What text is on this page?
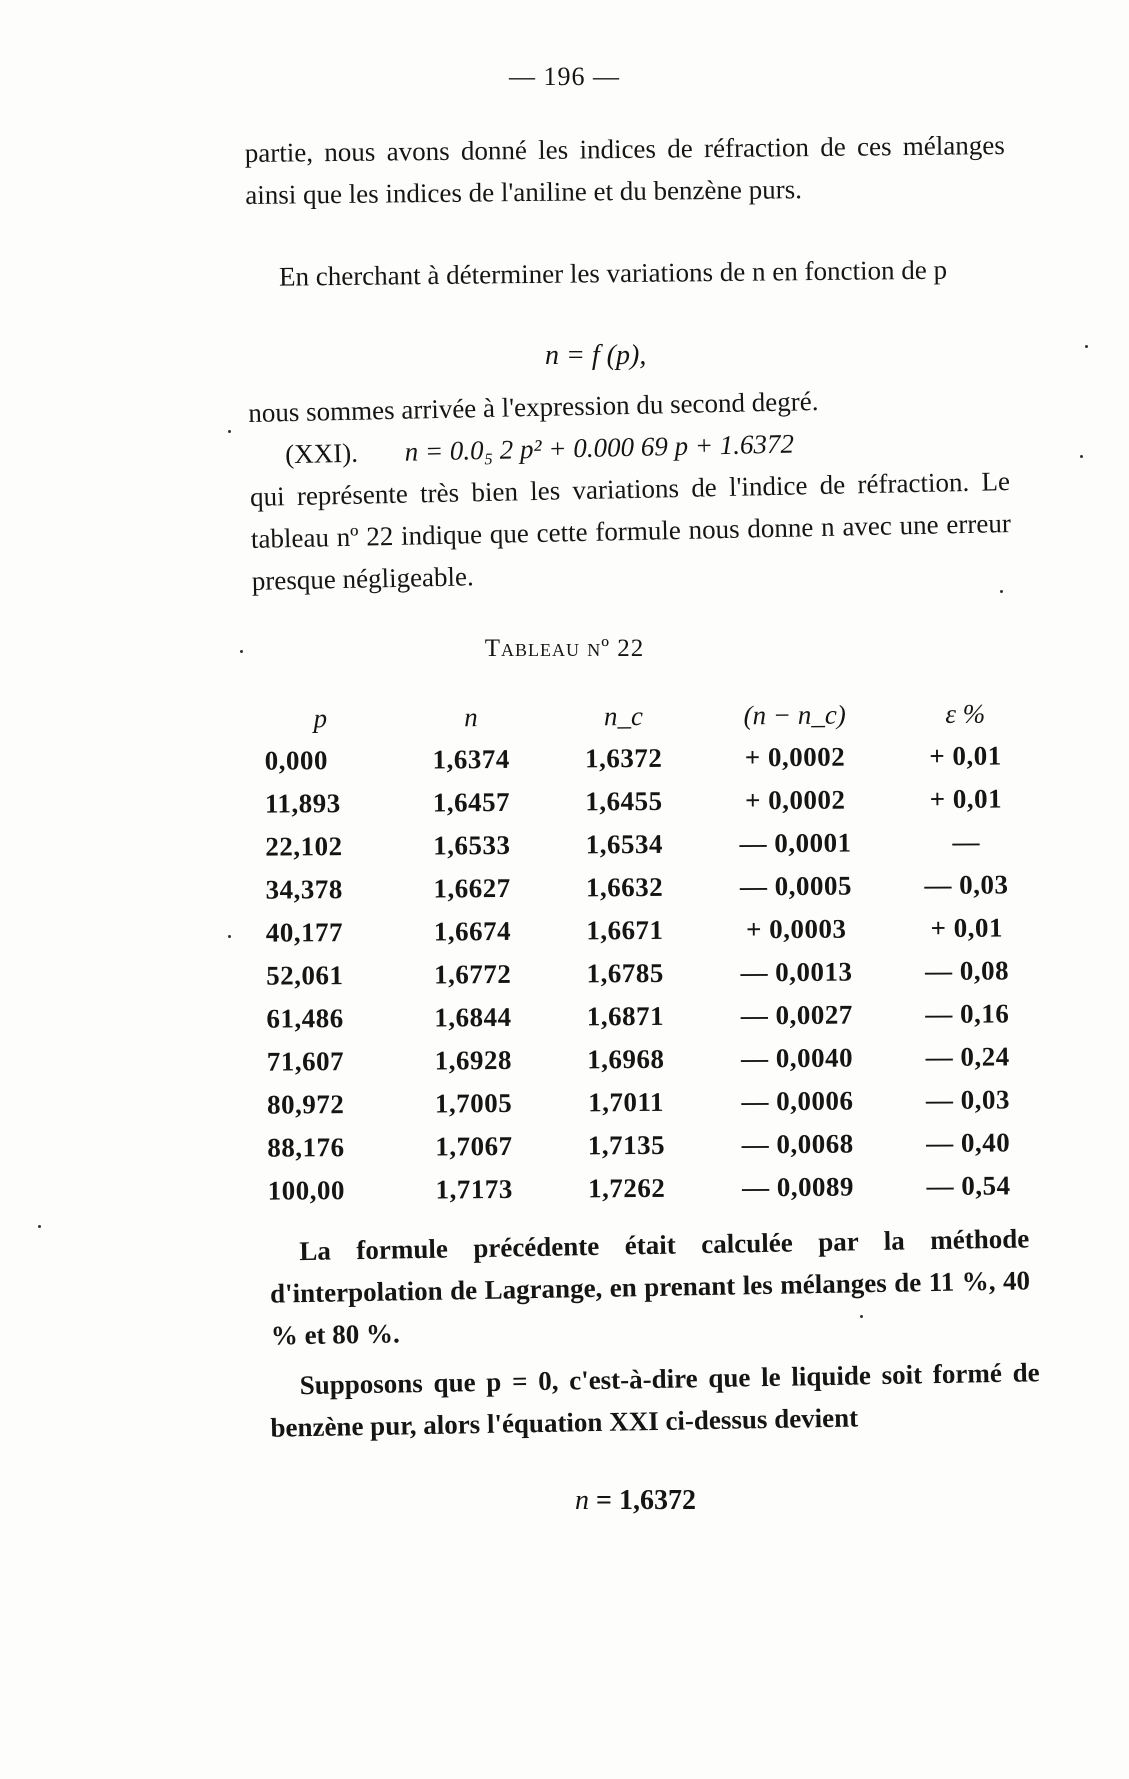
— 196 —

partie, nous avons donné les indices de réfraction de ces mélanges ainsi que les indices de l'aniline et du benzène purs.

En cherchant à déterminer les variations de n en fonction de p

n = f (p),
nous sommes arrivée à l'expression du second degré.
(XXI). n = 0.0₅ 2 p² + 0.000 69 p + 1.6372
qui représente très bien les variations de l'indice de réfraction. Le tableau nº 22 indique que cette formule nous donne n avec une erreur presque négligeable.
Tableau nº 22
p	n	n_c	(n − n_c)	ε %
0,000	1,6374	1,6372	+ 0,0002	+ 0,01
11,893	1,6457	1,6455	+ 0,0002	+ 0,01
22,102	1,6533	1,6534	— 0,0001	—
34,378	1,6627	1,6632	— 0,0005	— 0,03
40,177	1,6674	1,6671	+ 0,0003	+ 0,01
52,061	1,6772	1,6785	— 0,0013	— 0,08
61,486	1,6844	1,6871	— 0,0027	— 0,16
71,607	1,6928	1,6968	— 0,0040	— 0,24
80,972	1,7005	1,7011	— 0,0006	— 0,03
88,176	1,7067	1,7135	— 0,0068	— 0,40
100,00	1,7173	1,7262	— 0,0089	— 0,54

La formule précédente était calculée par la méthode d'interpolation de Lagrange, en prenant les mélanges de 11 %, 40 % et 80 %.

Supposons que p = 0, c'est-à-dire que le liquide soit formé de benzène pur, alors l'équation XXI ci-dessus devient

n = 1,6372
